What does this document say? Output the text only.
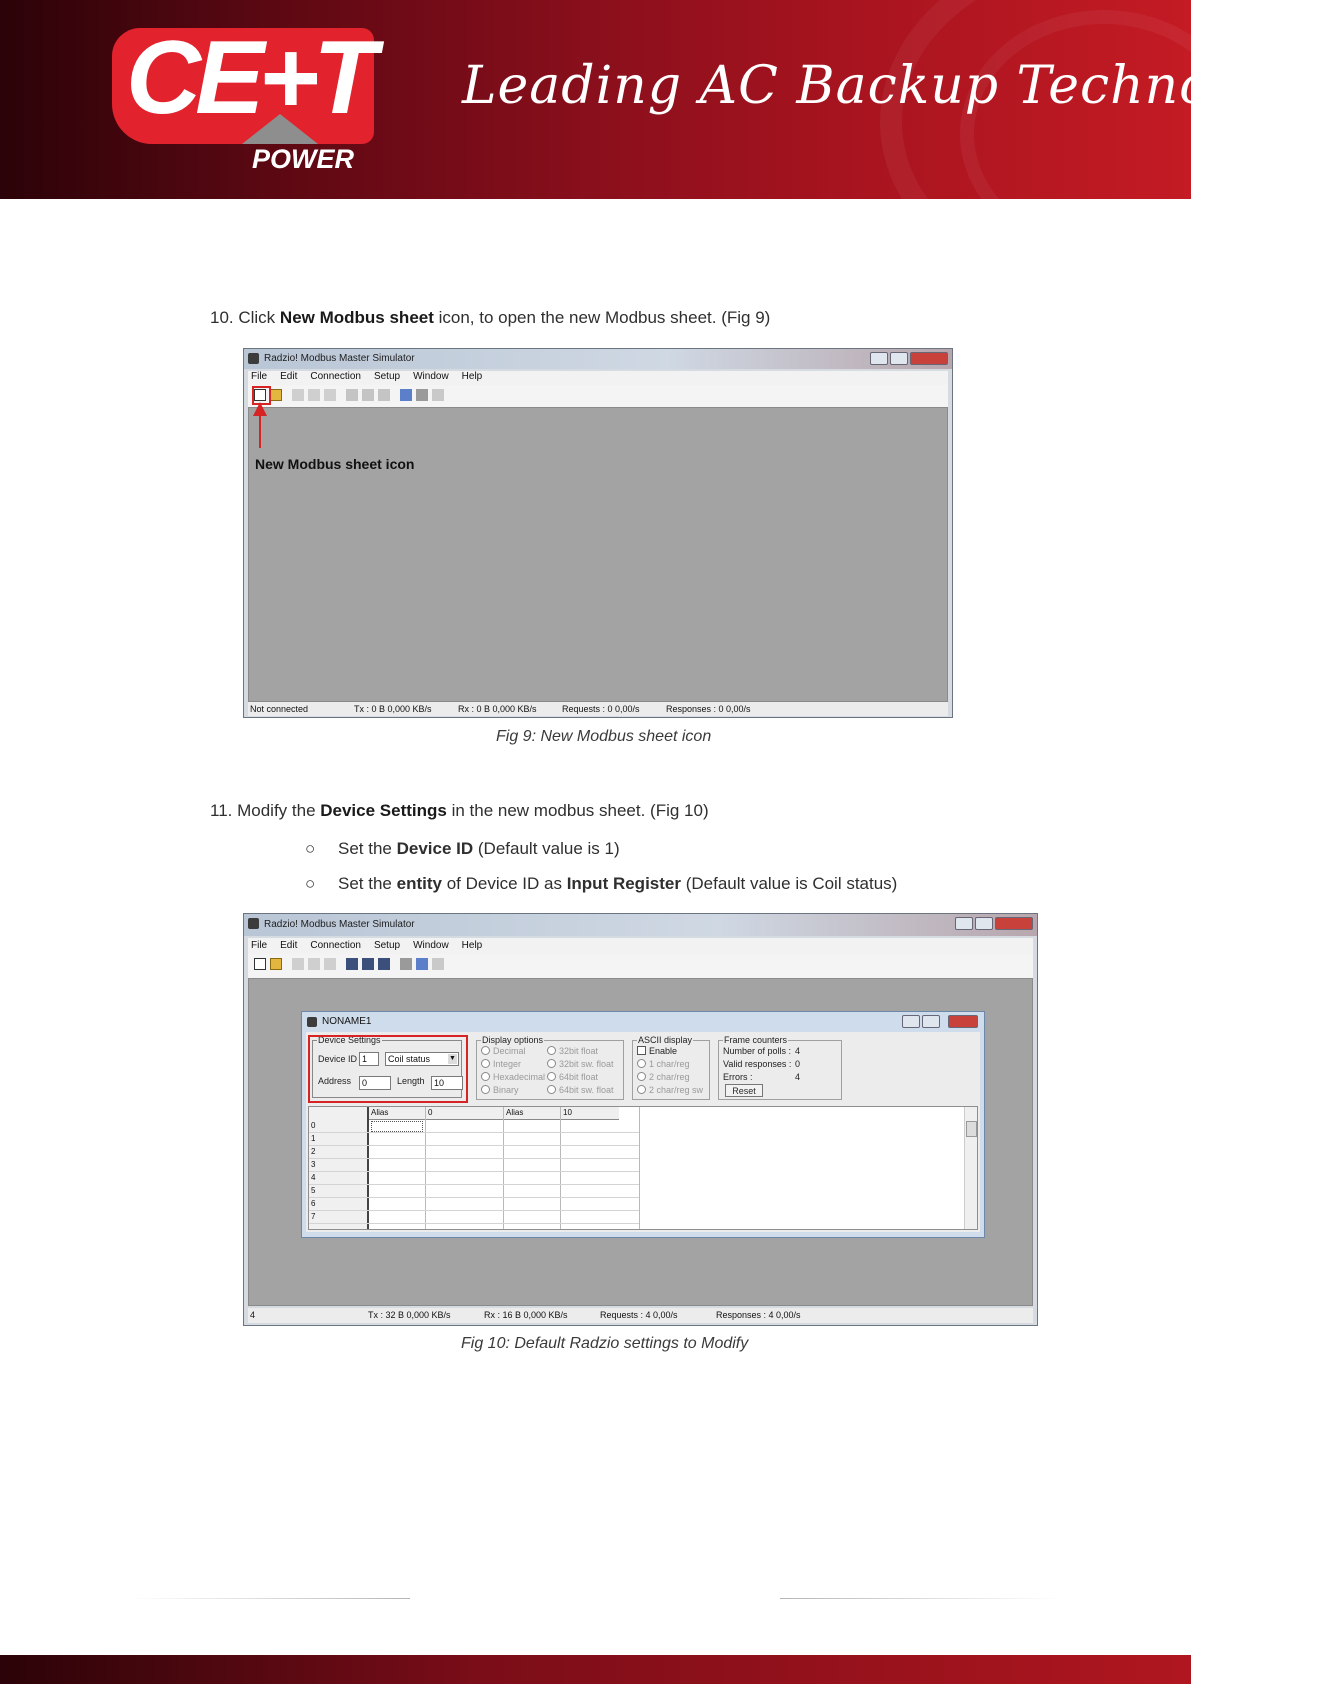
CE+T
POWER
Leading AC Backup Technology
10. Click New Modbus sheet icon, to open the new Modbus sheet. (Fig 9)
Radzio! Modbus Master Simulator
File Edit Connection Setup Window Help
New Modbus sheet icon
Not connected	Tx : 0 B 0,000 KB/s	Rx : 0 B 0,000 KB/s	Requests : 0 0,00/s	Responses : 0 0,00/s
Fig 9: New Modbus sheet icon
11. Modify the Device Settings in the new modbus sheet. (Fig 10)
○ Set the Device ID (Default value is 1)
○ Set the entity of Device ID as Input Register (Default value is Coil status)
Radzio! Modbus Master Simulator
File Edit Connection Setup Window Help
NONAME1
Device Settings
Device ID 1	Coil status	▼
Address	0	Length	10
Display options
Decimal
Integer
Hexadecimal
Binary
32bit float
32bit sw. float
64bit float
64bit sw. float
ASCII display
Enable
1 char/reg
2 char/reg
2 char/reg sw
Frame counters
Number of polls : 4
Valid responses : 0
Errors :	4
Reset
Alias	0	Alias	10
0
1
2
3
4
5
6
7
4	Tx : 32 B 0,000 KB/s	Rx : 16 B 0,000 KB/s	Requests : 4 0,00/s	Responses : 4 0,00/s
Fig 10: Default Radzio settings to Modify
